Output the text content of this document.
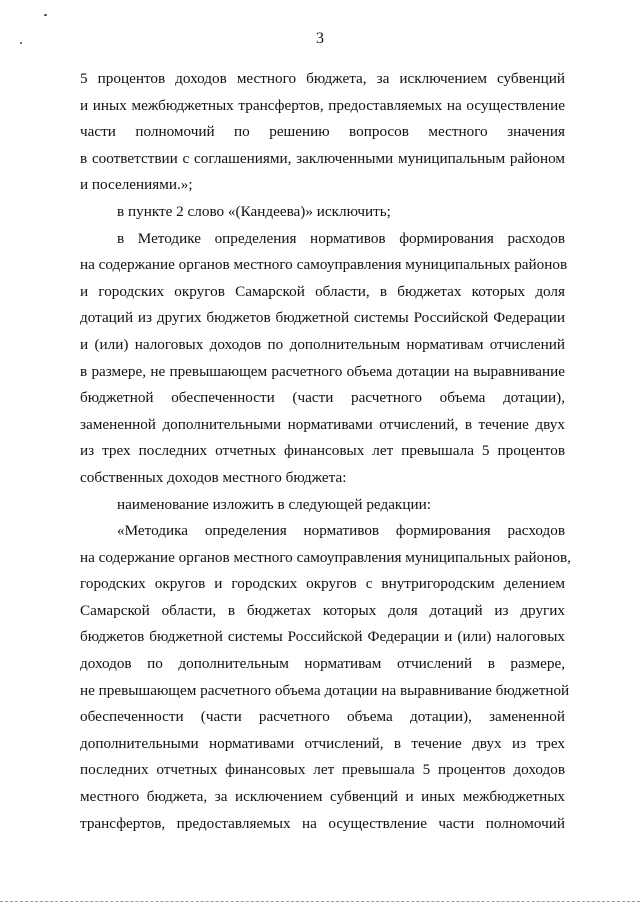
3

5 процентов доходов местного бюджета, за исключением субвенций
и иных межбюджетных трансфертов, предоставляемых на осуществление
части полномочий по решению вопросов местного значения
в соответствии с соглашениями, заключенными муниципальным районом
и поселениями.»;

в пункте 2 слово «(Кандеева)» исключить;

в Методике определения нормативов формирования расходов
на содержание органов местного самоуправления муниципальных районов
и городских округов Самарской области, в бюджетах которых доля
дотаций из других бюджетов бюджетной системы Российской Федерации
и (или) налоговых доходов по дополнительным нормативам отчислений
в размере, не превышающем расчетного объема дотации на выравнивание
бюджетной обеспеченности (части расчетного объема дотации),
замененной дополнительными нормативами отчислений, в течение двух
из трех последних отчетных финансовых лет превышала 5 процентов
собственных доходов местного бюджета:

наименование изложить в следующей редакции:

«Методика определения нормативов формирования расходов
на содержание органов местного самоуправления муниципальных районов,
городских округов и городских округов с внутригородским делением
Самарской области, в бюджетах которых доля дотаций из других
бюджетов бюджетной системы Российской Федерации и (или) налоговых
доходов по дополнительным нормативам отчислений в размере,
не превышающем расчетного объема дотации на выравнивание бюджетной
обеспеченности (части расчетного объема дотации), замененной
дополнительными нормативами отчислений, в течение двух из трех
последних отчетных финансовых лет превышала 5 процентов доходов
местного бюджета, за исключением субвенций и иных межбюджетных
трансфертов, предоставляемых на осуществление части полномочий
